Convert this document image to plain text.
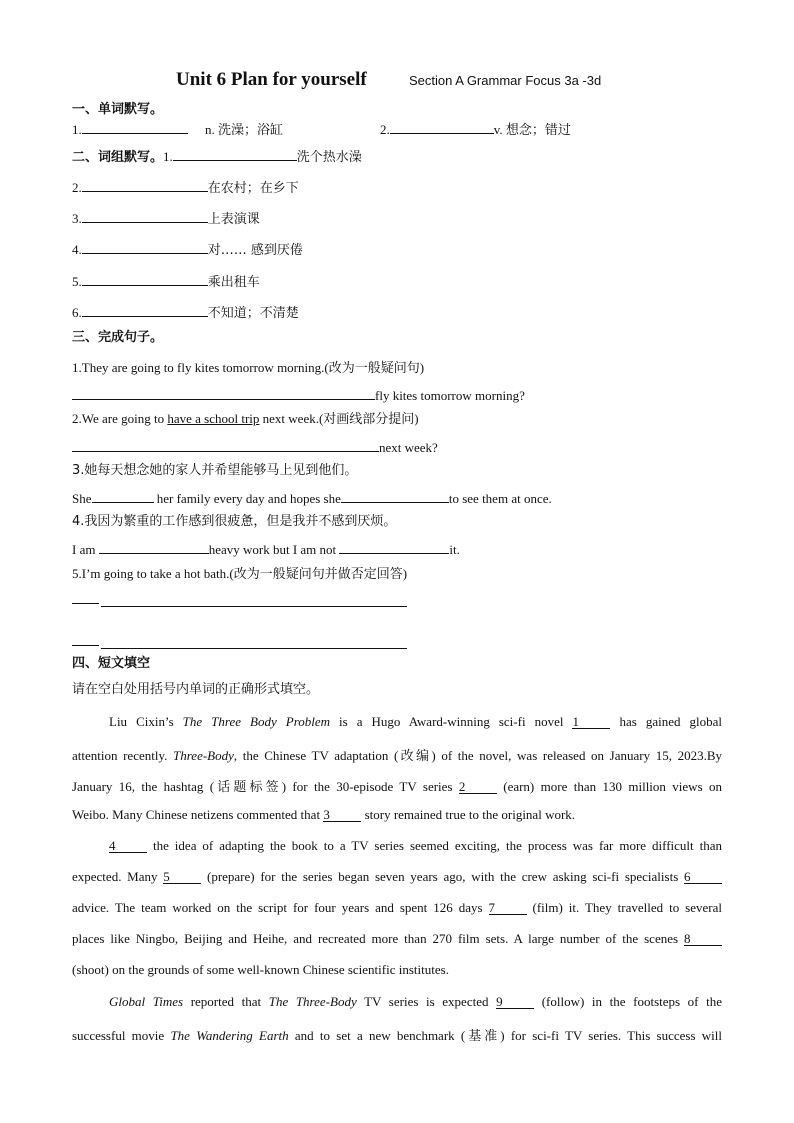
Unit 6 Plan for yourself	Section A Grammar Focus 3a -3d
一、单词默写。
1.	n. 洗澡；浴缸	2.	v. 想念；错过
二、词组默写。1.	洗个热水澡
2.	在农村；在乡下
3.	上表演课
4.	对…… 感到厌倦
5.	乘出租车
6.	不知道；不清楚
三、完成句子。
1.They are going to fly kites tomorrow morning.(改为一般疑问句)
fly kites tomorrow morning?
2.We are going to have a school trip next week.(对画线部分提问)
next week?
3.她每天想念她的家人并希望能够马上见到他们。
She	her family every day and hopes she	to see them at once.
4.我因为繁重的工作感到很疲惫，但是我并不感到厌烦。
I am	heavy work but I am not	it.
5.I’m going to take a hot bath.(改为一般疑问句并做否定回答)
四、短文填空
请在空白处用括号内单词的正确形式填空。
Liu Cixin’s The Three Body Problem is a Hugo Award-winning sci-fi novel 1 has gained global
attention recently. Three-Body, the Chinese TV adaptation (改编) of the novel, was released on January 15, 2023.By
January 16, the hashtag (话题标签) for the 30-episode TV series 2 (earn) more than 130 million views on
Weibo. Many Chinese netizens commented that 3 story remained true to the original work.
4 the idea of adapting the book to a TV series seemed exciting, the process was far more difficult than
expected. Many 5 (prepare) for the series began seven years ago, with the crew asking sci-fi specialists 6
advice. The team worked on the script for four years and spent 126 days 7 (film) it. They travelled to several
places like Ningbo, Beijing and Heihe, and recreated more than 270 film sets. A large number of the scenes 8
(shoot) on the grounds of some well-known Chinese scientific institutes.
Global Times reported that The Three-Body TV series is expected 9 (follow) in the footsteps of the
successful movie The Wandering Earth and to set a new benchmark (基准) for sci-fi TV series. This success will
